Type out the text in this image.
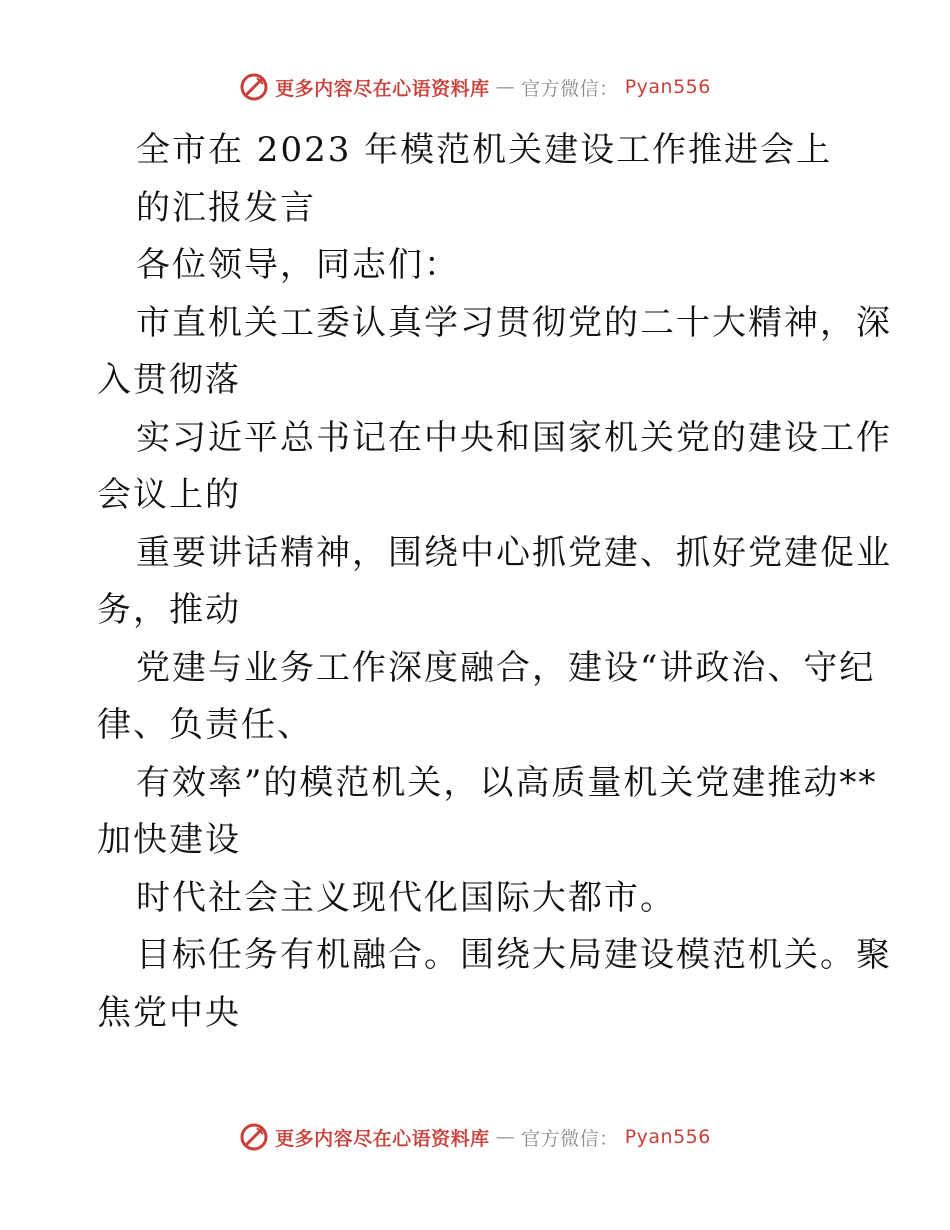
更多内容尽在心语资料库 — 官方微信： Pyan556
全市在 2023 年模范机关建设工作推进会上
的汇报发言
各位领导，同志们：
市直机关工委认真学习贯彻党的二十大精神，深
入贯彻落
实习近平总书记在中央和国家机关党的建设工作
会议上的
重要讲话精神，围绕中心抓党建、抓好党建促业
务，推动
党建与业务工作深度融合，建设“讲政治、守纪
律、负责任、
有效率”的模范机关，以高质量机关党建推动**
加快建设
时代社会主义现代化国际大都市。
目标任务有机融合。围绕大局建设模范机关。聚
焦党中央
更多内容尽在心语资料库 — 官方微信： Pyan556
